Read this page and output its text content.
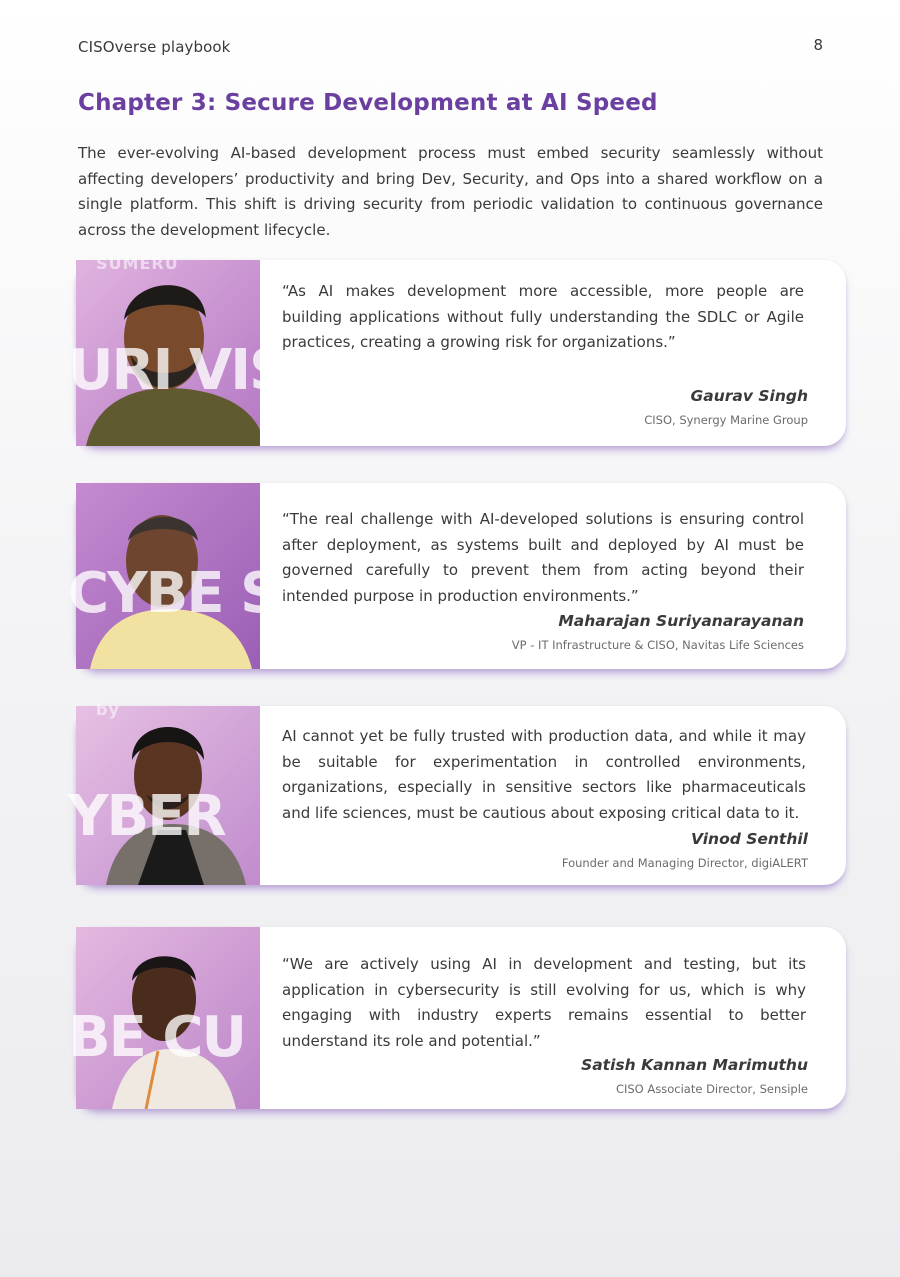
CISOverse playbook	8
Chapter 3: Secure Development at AI Speed

The ever-evolving AI-based development process must embed security seamlessly without affecting developers’ productivity and bring Dev, Security, and Ops into a shared workflow on a single platform. This shift is driving security from periodic validation to continuous governance across the development lifecycle.

URI VIS
SUMERU

“As AI makes development more accessible, more people are building applications without fully understanding the SDLC or Agile practices, creating a growing risk for organizations.”

Gaurav Singh
CISO, Synergy Marine Group
CYBE SEC

“The real challenge with AI-developed solutions is ensuring control after deployment, as systems built and deployed by AI must be governed carefully to prevent them from acting beyond their intended purpose in production environments.”

Maharajan Suriyanarayanan
VP - IT Infrastructure & CISO, Navitas Life Sciences
YBER
by

AI cannot yet be fully trusted with production data, and while it may be suitable for experimentation in controlled environments, organizations, especially in sensitive sectors like pharmaceuticals and life sciences, must be cautious about exposing critical data to it.

Vinod Senthil
Founder and Managing Director, digiALERT
BE CU

“We are actively using AI in development and testing, but its application in cybersecurity is still evolving for us, which is why engaging with industry experts remains essential to better understand its role and potential.”

Satish Kannan Marimuthu
CISO Associate Director, Sensiple
